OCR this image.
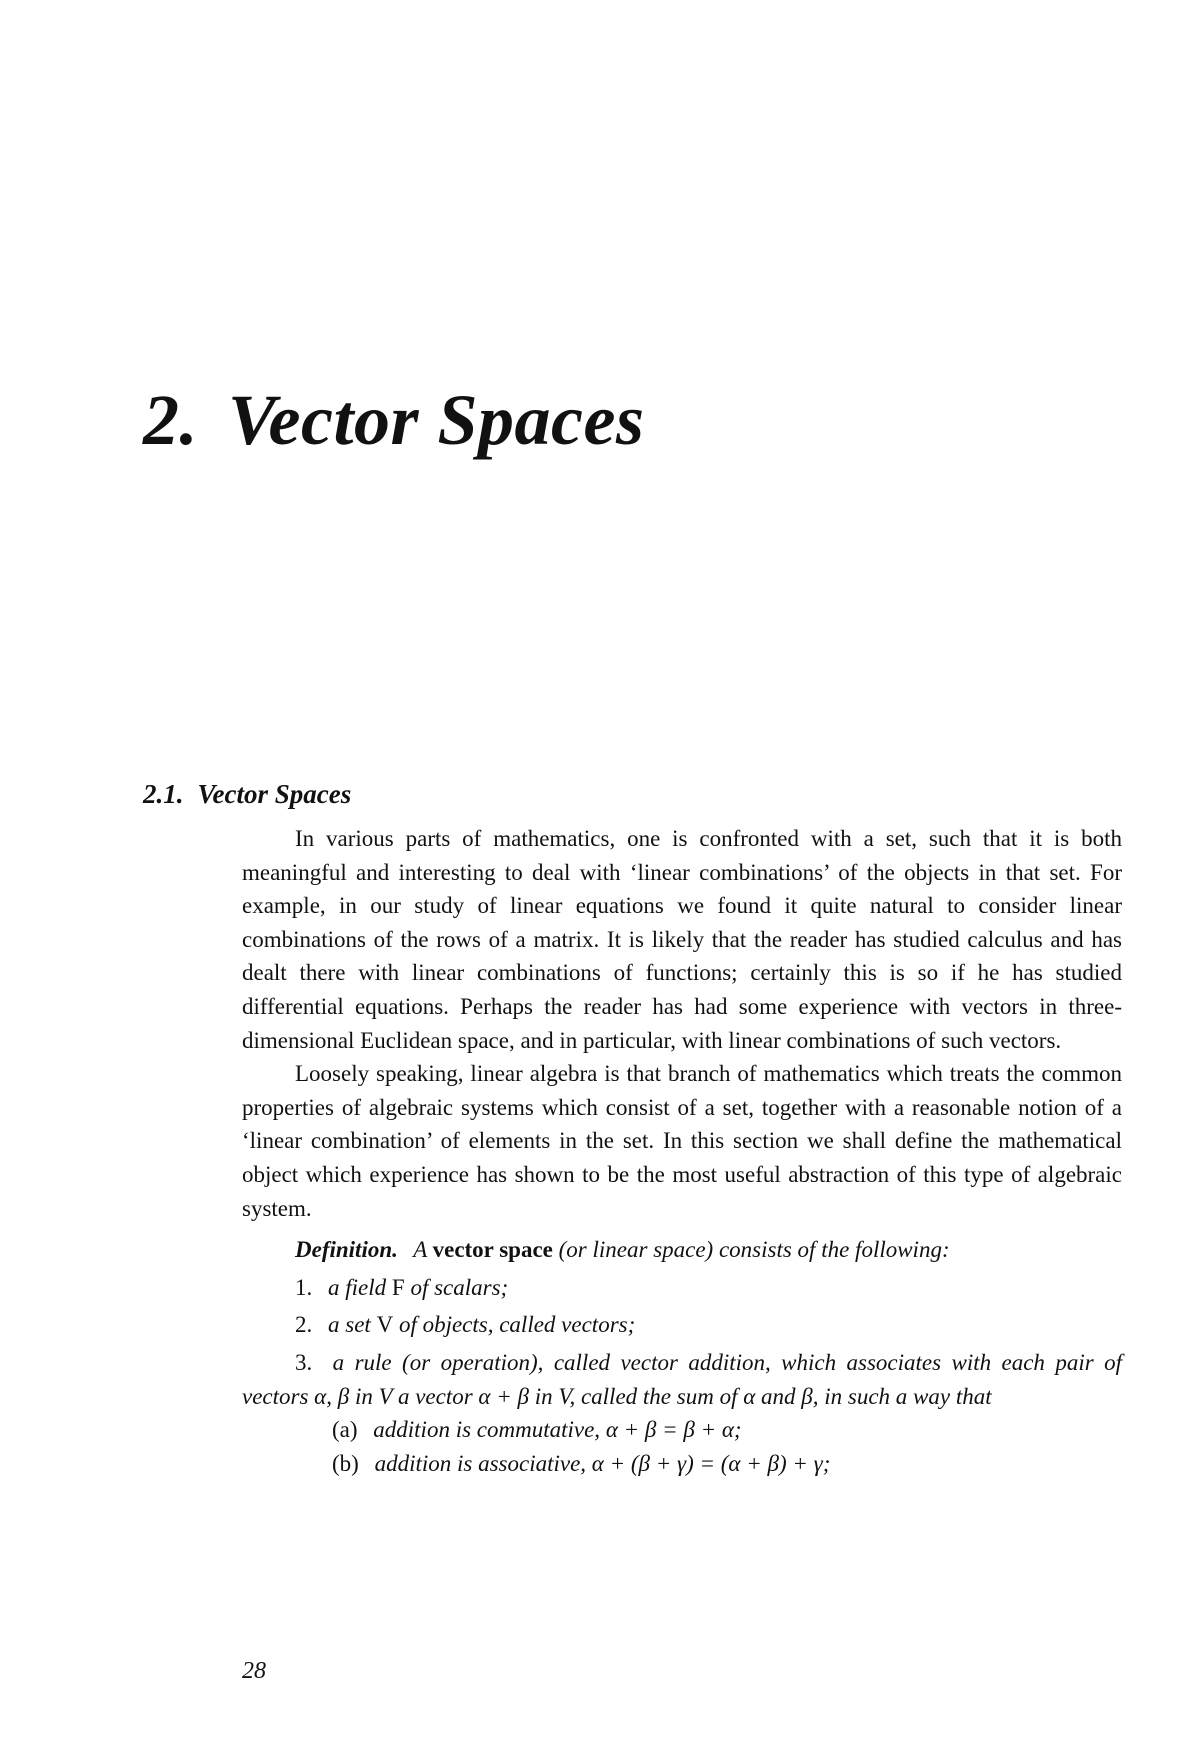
2. Vector Spaces
2.1. Vector Spaces

In various parts of mathematics, one is confronted with a set, such that it is both meaningful and interesting to deal with ‘linear combinations’ of the objects in that set. For example, in our study of linear equations we found it quite natural to consider linear combinations of the rows of a matrix. It is likely that the reader has studied calculus and has dealt there with linear combinations of functions; certainly this is so if he has studied differential equations. Perhaps the reader has had some experience with vectors in three-dimensional Euclidean space, and in particular, with linear combinations of such vectors.

Loosely speaking, linear algebra is that branch of mathematics which treats the common properties of algebraic systems which consist of a set, together with a reasonable notion of a ‘linear combination’ of elements in the set. In this section we shall define the mathematical object which experience has shown to be the most useful abstraction of this type of algebraic system.

Definition. A vector space (or linear space) consists of the following:

1. a field F of scalars;

2. a set V of objects, called vectors;

3. a rule (or operation), called vector addition, which associates with each pair of vectors α, β in V a vector α + β in V, called the sum of α and β, in such a way that

(a) addition is commutative, α + β = β + α;

(b) addition is associative, α + (β + γ) = (α + β) + γ;

28
